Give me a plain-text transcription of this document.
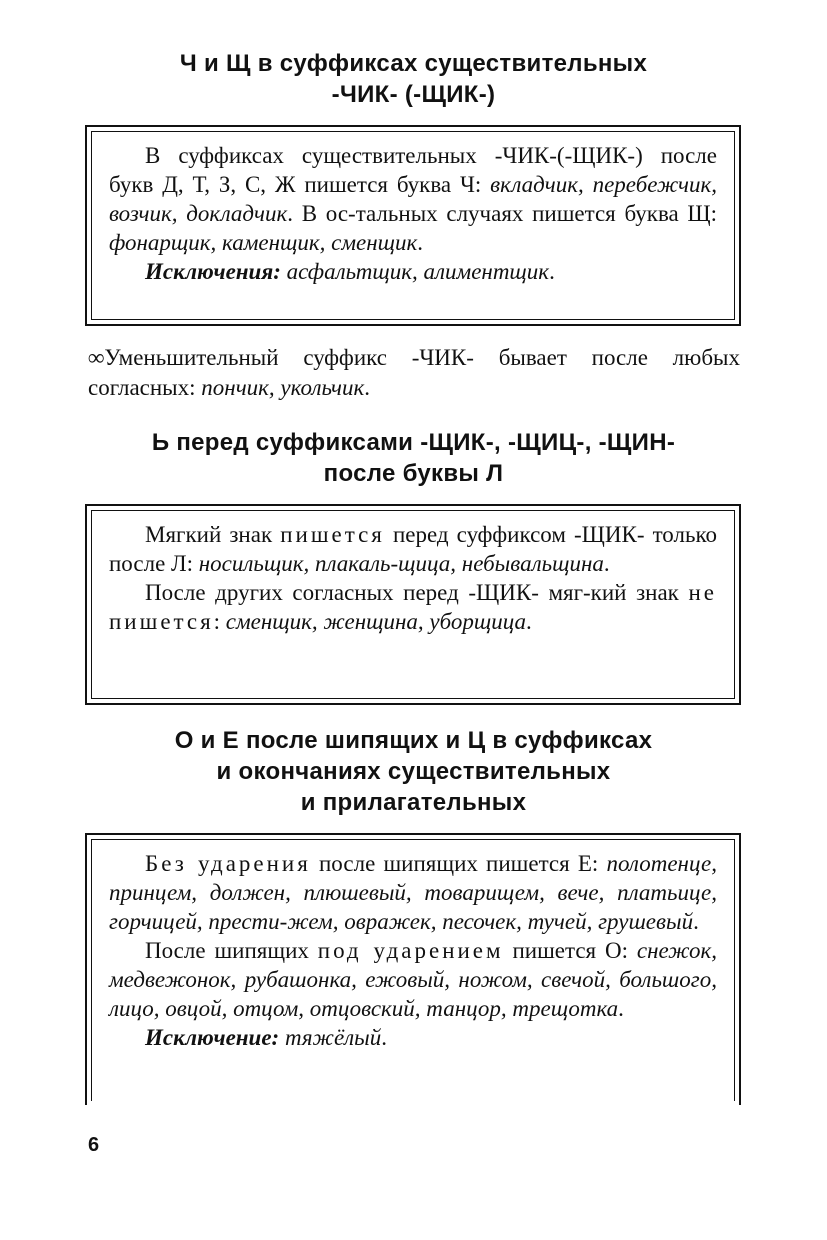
Ч и Щ в суффиксах существительных
-ЧИК- (-ЩИК-)
В суффиксах существительных -ЧИК-(-ЩИК-) после букв Д, Т, З, С, Ж пишется буква Ч: вкладчик, перебежчик, возчик, докладчик. В ос-тальных случаях пишется буква Щ: фонарщик, каменщик, сменщик.
Исключения: асфальтщик, алиментщик.
∞Уменьшительный суффикс -ЧИК- бывает после любых согласных: пончик, укольчик.
Ь перед суффиксами -ЩИК-, -ЩИЦ-, -ЩИН-
после буквы Л
Мягкий знак пишется перед суффиксом -ЩИК- только после Л: носильщик, плакаль-щица, небывальщина.
После других согласных перед -ЩИК- мяг-кий знак не пишется: сменщик, женщина, уборщица.
О и Е после шипящих и Ц в суффиксах
и окончаниях существительных
и прилагательных
Без ударения после шипящих пишется Е: полотенце, принцем, должен, плюшевый, товарищем, вече, платьице, горчицей, прести-жем, овражек, песочек, тучей, грушевый.
После шипящих под ударением пишется О: снежок, медвежонок, рубашонка, ежовый, ножом, свечой, большого, лицо, овцой, отцом, отцовский, танцор, трещотка.
Исключение: тяжёлый.
6
